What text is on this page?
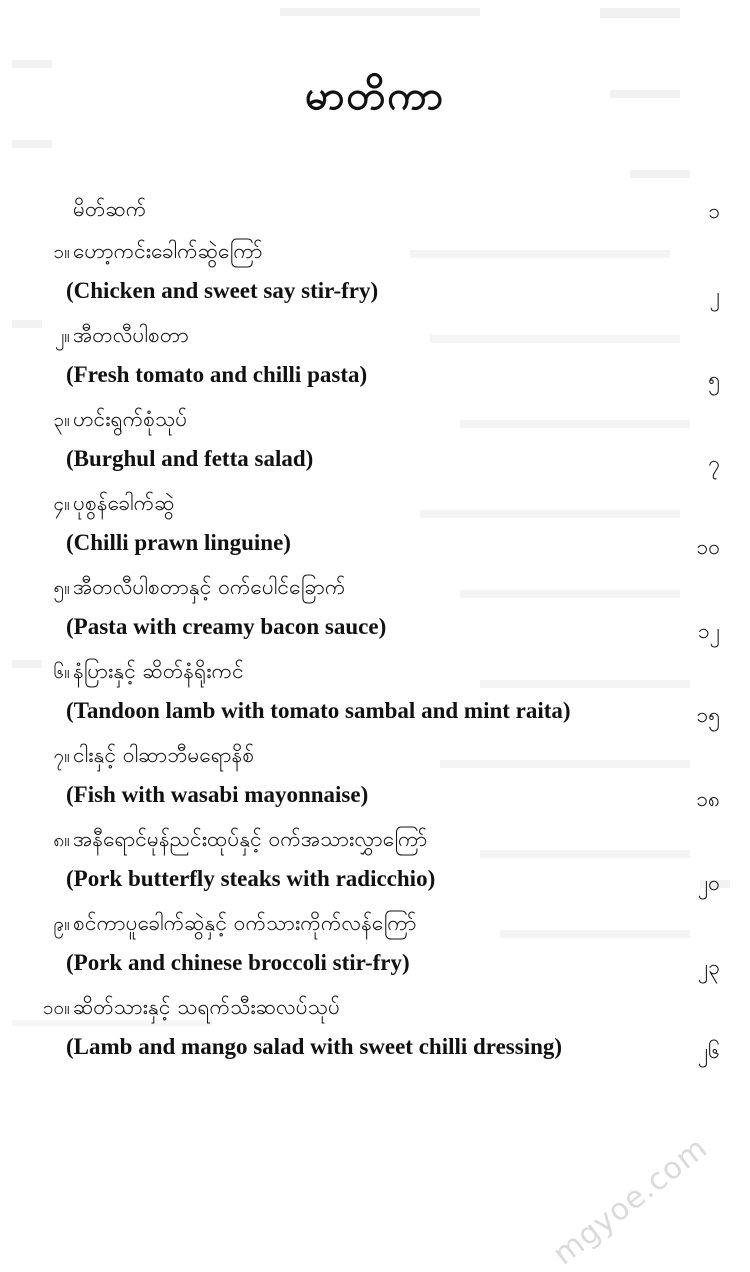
မာတိကာ
မိတ်ဆက်	၁
၁။ ဟော့ကင်းခေါက်ဆွဲကြော်
(Chicken and sweet say stir-fry)	၂
၂။ အီတလီပါစတာ
(Fresh tomato and chilli pasta)	၅
၃။ ဟင်းရွက်စုံသုပ်
(Burghul and fetta salad)	၇
၄။ ပုစွန်ခေါက်ဆွဲ
(Chilli prawn linguine)	၁၀
၅။ အီတလီပါစတာနှင့် ဝက်ပေါင်ခြောက်
(Pasta with creamy bacon sauce)	၁၂
၆။ နံပြားနှင့် ဆိတ်နံရိုးကင်
(Tandoon lamb with tomato sambal and mint raita)	၁၅
၇။ ငါးနှင့် ဝါဆာဘီမရောနိစ်
(Fish with wasabi mayonnaise)	၁၈
၈။ အနီရောင်မုန်ညင်းထုပ်နှင့် ဝက်အသားလွှာကြော်
(Pork butterfly steaks with radicchio)	၂၀
၉။ စင်ကာပူခေါက်ဆွဲနှင့် ဝက်သားကိုက်လန်ကြော်
(Pork and chinese broccoli stir-fry)	၂၃
၁၀။ ဆိတ်သားနှင့် သရက်သီးဆလပ်သုပ်
(Lamb and mango salad with sweet chilli dressing)	၂၆
mgyoe.com
